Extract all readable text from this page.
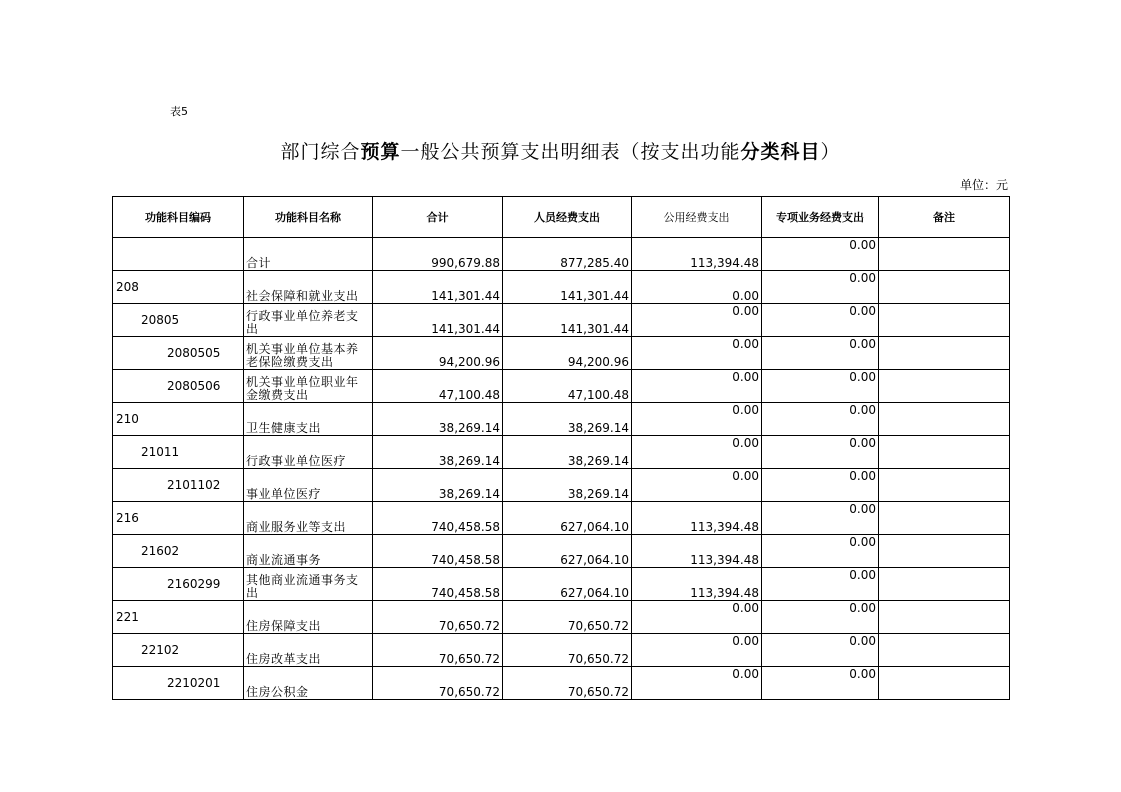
表5
部门综合预算一般公共预算支出明细表（按支出功能分类科目）
单位：元
功能科目编码	功能科目名称	合计	人员经费支出	公用经费支出	专项业务经费支出	备注
	合计	990,679.88	877,285.40	113,394.48	0.00	
208	社会保障和就业支出	141,301.44	141,301.44	0.00	0.00	
20805	行政事业单位养老支 出	141,301.44	141,301.44	0.00	0.00	
2080505	机关事业单位基本养 老保险缴费支出	94,200.96	94,200.96	0.00	0.00	
2080506	机关事业单位职业年 金缴费支出	47,100.48	47,100.48	0.00	0.00	
210	卫生健康支出	38,269.14	38,269.14	0.00	0.00	
21011	行政事业单位医疗	38,269.14	38,269.14	0.00	0.00	
2101102	事业单位医疗	38,269.14	38,269.14	0.00	0.00	
216	商业服务业等支出	740,458.58	627,064.10	113,394.48	0.00	
21602	商业流通事务	740,458.58	627,064.10	113,394.48	0.00	
2160299	其他商业流通事务支 出	740,458.58	627,064.10	113,394.48	0.00	
221	住房保障支出	70,650.72	70,650.72	0.00	0.00	
22102	住房改革支出	70,650.72	70,650.72	0.00	0.00	
2210201	住房公积金	70,650.72	70,650.72	0.00	0.00	
